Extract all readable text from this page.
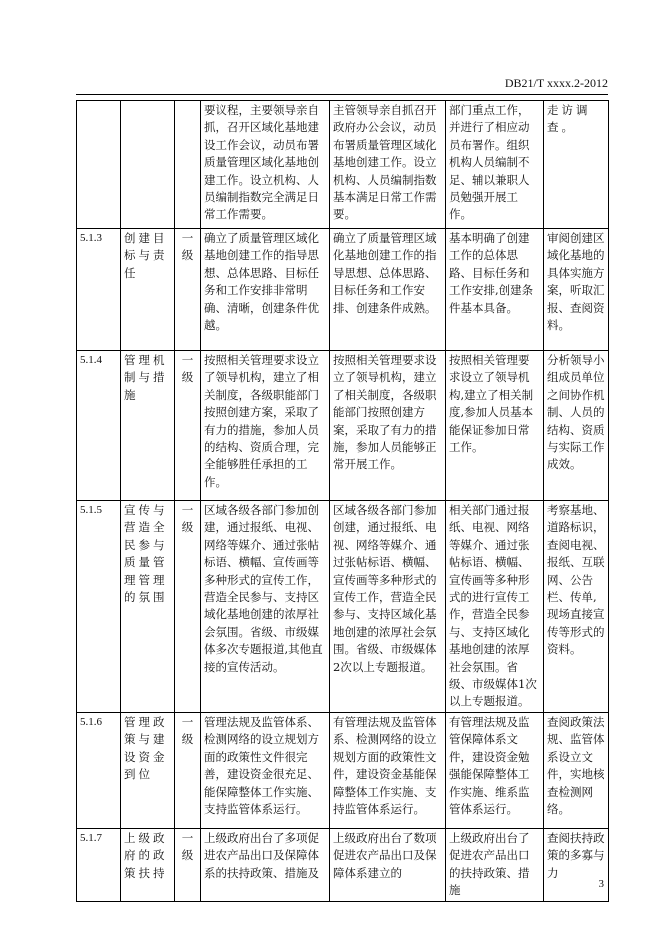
DB21/T xxxx.2-2012
			要议程，主要领导亲自抓，召开区域化基地建设工作会议，动员布署质量管理区域化基地创建工作。设立机构、人员编制指数完全满足日常工作需要。	主管领导亲自抓召开政府办公会议，动员布署质量管理区域化基地创建工作。设立机构、人员编制指数基本满足日常工作需要。	部门重点工作，并进行了相应动员布署作。组织机构人员编制不足、辅以兼职人员勉强开展工作。	走访调查。
5.1.3	创建目标与责任	一级	确立了质量管理区域化基地创建工作的指导思想、总体思路、目标任务和工作安排非常明确、清晰，创建条件优越。	确立了质量管理区域化基地创建工作的指导思想、总体思路、目标任务和工作安排、创建条件成熟。	基本明确了创建工作的总体思路、目标任务和工作安排,创建条件基本具备。	审阅创建区域化基地的具体实施方案，听取汇报、查阅资料。
5.1.4	管理机制与措施	一级	按照相关管理要求设立了领导机构，建立了相关制度，各级职能部门按照创建方案，采取了有力的措施，参加人员的结构、资质合理，完全能够胜任承担的工作。	按照相关管理要求设立了领导机构，建立了相关制度，各级职能部门按照创建方案，采取了有力的措施，参加人员能够正常开展工作。	按照相关管理要求设立了领导机构,建立了相关制度,参加人员基本能保证参加日常工作。	分析领导小组成员单位之间协作机制、人员的结构、资质与实际工作成效。
5.1.5	宣传与营造全民参与质量管理管理的氛围	一级	区域各级各部门参加创建，通过报纸、电视、网络等媒介、通过张帖标语、横幅、宣传画等多种形式的宣传工作，营造全民参与、支持区域化基地创建的浓厚社会氛围。省级、市级媒体多次专题报道,其他直接的宣传活动。	区域各级各部门参加创建，通过报纸、电视、网络等媒介、通过张帖标语、横幅、宣传画等多种形式的宣传工作，营造全民参与、支持区域化基地创建的浓厚社会氛围。省级、市级媒体2次以上专题报道。	相关部门通过报纸、电视、网络等媒介、通过张帖标语、横幅、宣传画等多种形式的进行宣传工作，营造全民参与、支持区域化基地创建的浓厚社会氛围。省级、市级媒体1次以上专题报道。	考察基地、道路标识，查阅电视、报纸、互联网、公告栏、传单,现场直接宣传等形式的资料。
5.1.6	管理政策与建设资金到位	一级	管理法规及监管体系、检测网络的设立规划方面的政策性文件很完善，建设资金很充足、能保障整体工作实施、支持监管体系运行。	有管理法规及监管体系、检测网络的设立规划方面的政策性文件，建设资金基能保障整体工作实施、支持监管体系运行。	有管理法规及监管保障体系文件，建设资金勉强能保障整体工作实施、维系监管体系运行。	查阅政策法规、监管体系设立文件，实地核查检测网络。
5.1.7	上级政府的政策扶持	一级	上级政府出台了多项促进农产品出口及保障体系的扶持政策、措施及	上级政府出台了数项促进农产品出口及保障体系建立的	上级政府出台了促进农产品出口的扶持政策、措施	查阅扶持政策的多寡与力
3
